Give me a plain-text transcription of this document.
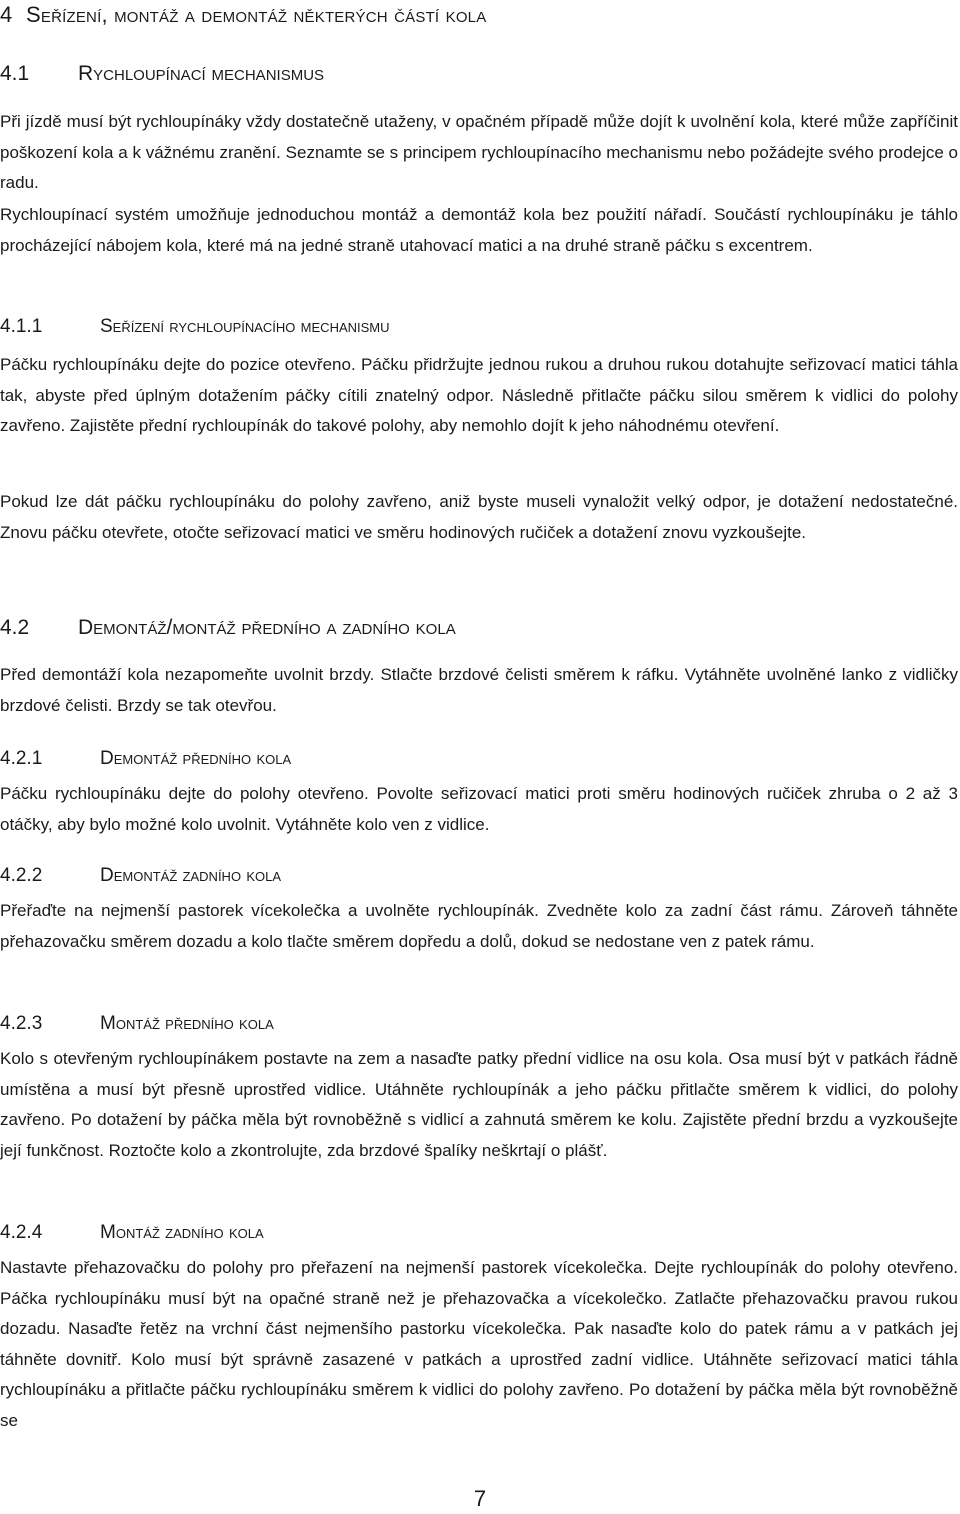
4 Seřízení, montáž a demontáž některých částí kola
4.1 Rychloupínací mechanismus

Při jízdě musí být rychloupínáky vždy dostatečně utaženy, v opačném případě může dojít k uvolnění kola, které může zapříčinit poškození kola a k vážnému zranění. Seznamte se s principem rychloupínacího mechanismu nebo požádejte svého prodejce o radu.

Rychloupínací systém umožňuje jednoduchou montáž a demontáž kola bez použití nářadí. Součástí rychloupínáku je táhlo procházející nábojem kola, které má na jedné straně utahovací matici a na druhé straně páčku s excentrem.

4.1.1	Seřízení rychloupínacího mechanismu

Páčku rychloupínáku dejte do pozice otevřeno. Páčku přidržujte jednou rukou a druhou rukou dotahujte seřizovací matici táhla tak, abyste před úplným dotažením páčky cítili znatelný odpor. Následně přitlačte páčku silou směrem k vidlici do polohy zavřeno. Zajistěte přední rychloupínák do takové polohy, aby nemohlo dojít k jeho náhodnému otevření.

Pokud lze dát páčku rychloupínáku do polohy zavřeno, aniž byste museli vynaložit velký odpor, je dotažení nedostatečné. Znovu páčku otevřete, otočte seřizovací matici ve směru hodinových ručiček a dotažení znovu vyzkoušejte.

4.2 Demontáž/montáž předního a zadního kola

Před demontáží kola nezapomeňte uvolnit brzdy. Stlačte brzdové čelisti směrem k ráfku. Vytáhněte uvolněné lanko z vidličky brzdové čelisti. Brzdy se tak otevřou.

4.2.1	Demontáž předního kola

Páčku rychloupínáku dejte do polohy otevřeno. Povolte seřizovací matici proti směru hodinových ručiček zhruba o 2 až 3 otáčky, aby bylo možné kolo uvolnit. Vytáhněte kolo ven z vidlice.

4.2.2	Demontáž zadního kola

Přeřaďte na nejmenší pastorek vícekolečka a uvolněte rychloupínák. Zvedněte kolo za zadní část rámu. Zároveň táhněte přehazovačku směrem dozadu a kolo tlačte směrem dopředu a dolů, dokud se nedostane ven z patek rámu.

4.2.3	Montáž předního kola

Kolo s otevřeným rychloupínákem postavte na zem a nasaďte patky přední vidlice na osu kola. Osa musí být v patkách řádně umístěna a musí být přesně uprostřed vidlice. Utáhněte rychloupínák a jeho páčku přitlačte směrem k vidlici, do polohy zavřeno. Po dotažení by páčka měla být rovnoběžně s vidlicí a zahnutá směrem ke kolu. Zajistěte přední brzdu a vyzkoušejte její funkčnost. Roztočte kolo a zkontrolujte, zda brzdové špalíky neškrtají o plášť.

4.2.4	Montáž zadního kola

Nastavte přehazovačku do polohy pro přeřazení na nejmenší pastorek vícekolečka. Dejte rychloupínák do polohy otevřeno. Páčka rychloupínáku musí být na opačné straně než je přehazovačka a vícekolečko. Zatlačte přehazovačku pravou rukou dozadu. Nasaďte řetěz na vrchní část nejmenšího pastorku vícekolečka. Pak nasaďte kolo do patek rámu a v patkách jej táhněte dovnitř. Kolo musí být správně zasazené v patkách a uprostřed zadní vidlice. Utáhněte seřizovací matici táhla rychloupínáku a přitlačte páčku rychloupínáku směrem k vidlici do polohy zavřeno. Po dotažení by páčka měla být rovnoběžně se

7
